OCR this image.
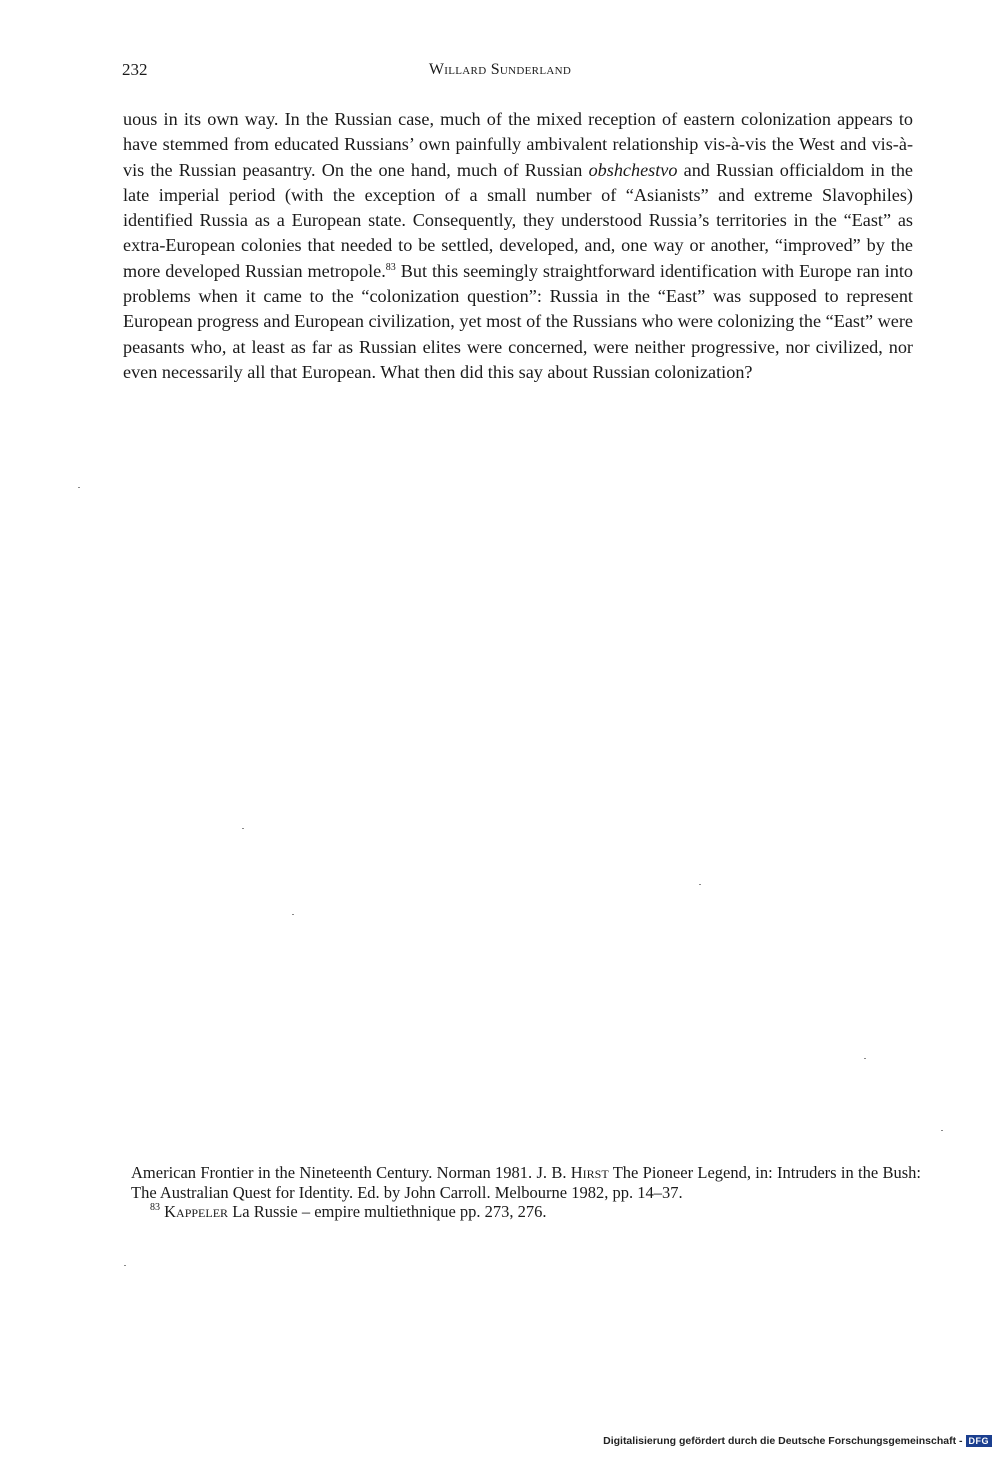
232	Willard Sunderland

uous in its own way. In the Russian case, much of the mixed reception of eastern colonization appears to have stemmed from educated Russians’ own painfully ambivalent relationship vis-à-vis the West and vis-à-vis the Russian peasantry. On the one hand, much of Russian obshchestvo and Russian officialdom in the late imperial period (with the exception of a small number of “Asianists” and extreme Slavophiles) identified Russia as a European state. Consequently, they understood Russia’s territories in the “East” as extra-European colonies that needed to be settled, developed, and, one way or another, “improved” by the more developed Russian metropole.$^{83}$ But this seemingly straightforward identification with Europe ran into problems when it came to the “colonization question”: Russia in the “East” was supposed to represent European progress and European civilization, yet most of the Russians who were colonizing the “East” were peasants who, at least as far as Russian elites were concerned, were neither progressive, nor civilized, nor even necessarily all that European. What then did this say about Russian colonization?

American Frontier in the Nineteenth Century. Norman 1981. J. B. Hirst The Pioneer Legend, in: Intruders in the Bush: The Australian Quest for Identity. Ed. by John Carroll. Melbourne 1982, pp. 14–37.

$^{83}$ Kappeler La Russie – empire multiethnique pp. 273, 276.

Digitalisierung gefördert durch die Deutsche Forschungsgemeinschaft - DFG
